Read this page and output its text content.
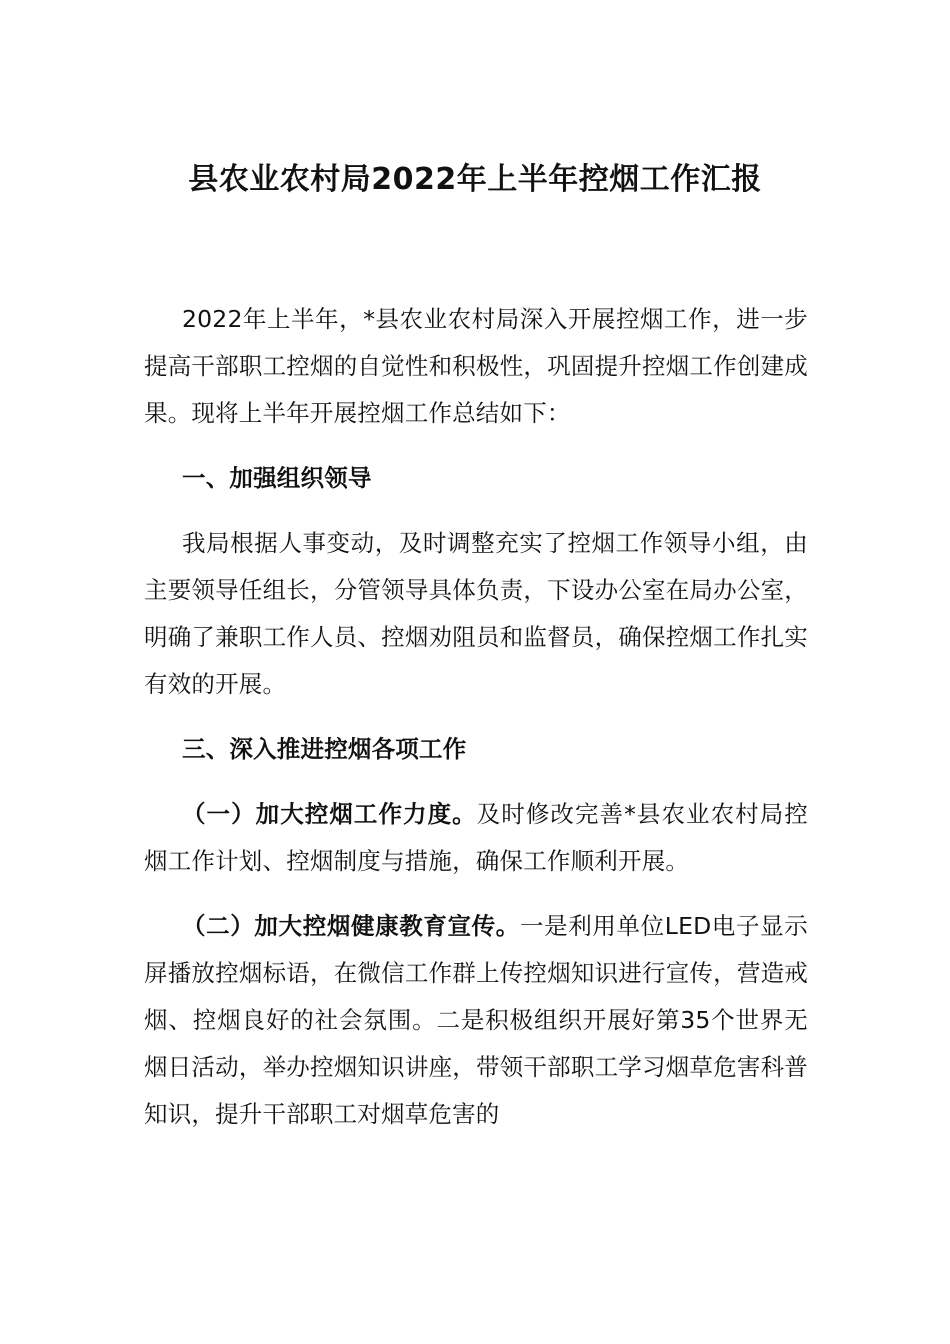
县农业农村局2022年上半年控烟工作汇报

2022年上半年，*县农业农村局深入开展控烟工作，进一步提高干部职工控烟的自觉性和积极性，巩固提升控烟工作创建成果。现将上半年开展控烟工作总结如下：

一、加强组织领导

我局根据人事变动，及时调整充实了控烟工作领导小组，由主要领导任组长，分管领导具体负责，下设办公室在局办公室，明确了兼职工作人员、控烟劝阻员和监督员，确保控烟工作扎实有效的开展。

三、深入推进控烟各项工作

（一）加大控烟工作力度。及时修改完善*县农业农村局控烟工作计划、控烟制度与措施，确保工作顺利开展。

（二）加大控烟健康教育宣传。一是利用单位LED电子显示屏播放控烟标语，在微信工作群上传控烟知识进行宣传，营造戒烟、控烟良好的社会氛围。二是积极组织开展好第35个世界无烟日活动，举办控烟知识讲座，带领干部职工学习烟草危害科普知识，提升干部职工对烟草危害的
